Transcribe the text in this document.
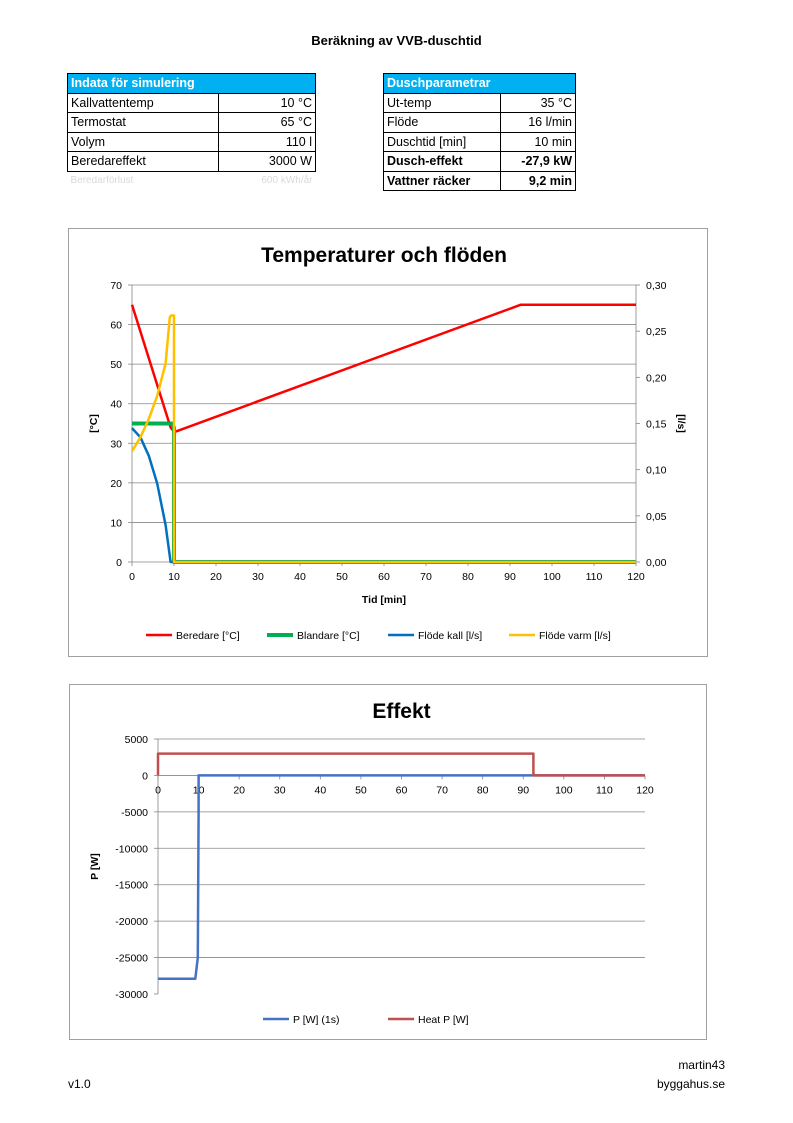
Beräkning av VVB-duschtid
Indata för simulering	
Kallvattentemp	10 °C
Termostat	65 °C
Volym	110 l
Beredareffekt	3000 W
Beredarförlust	600 kWh/år
Duschparametrar	
Ut-temp	35 °C
Flöde	16 l/min
Duschtid [min]	10 min
Dusch-effekt	-27,9 kW
Vattner räcker	9,2 min
Temperaturer och flöden
0
10
20
30
40
50
60
70
0,00
0,05
0,10
0,15
0,20
0,25
0,30
0	10	20	30	40	50	60	70	80	90	100 110 120
Tid [min]
[°C]	[l/s]
Beredare [°C]	Blandare [°C]	Flöde kall [l/s]	Flöde varm [l/s]
Effekt
-30000
-25000
-20000
-15000
-10000
-5000
0
5000
0	10	20	30	40	50	60	70	80	90 100 110 120
P [W]
P [W] (1s)	Heat P [W]
martin43
byggahus.se
v1.0
